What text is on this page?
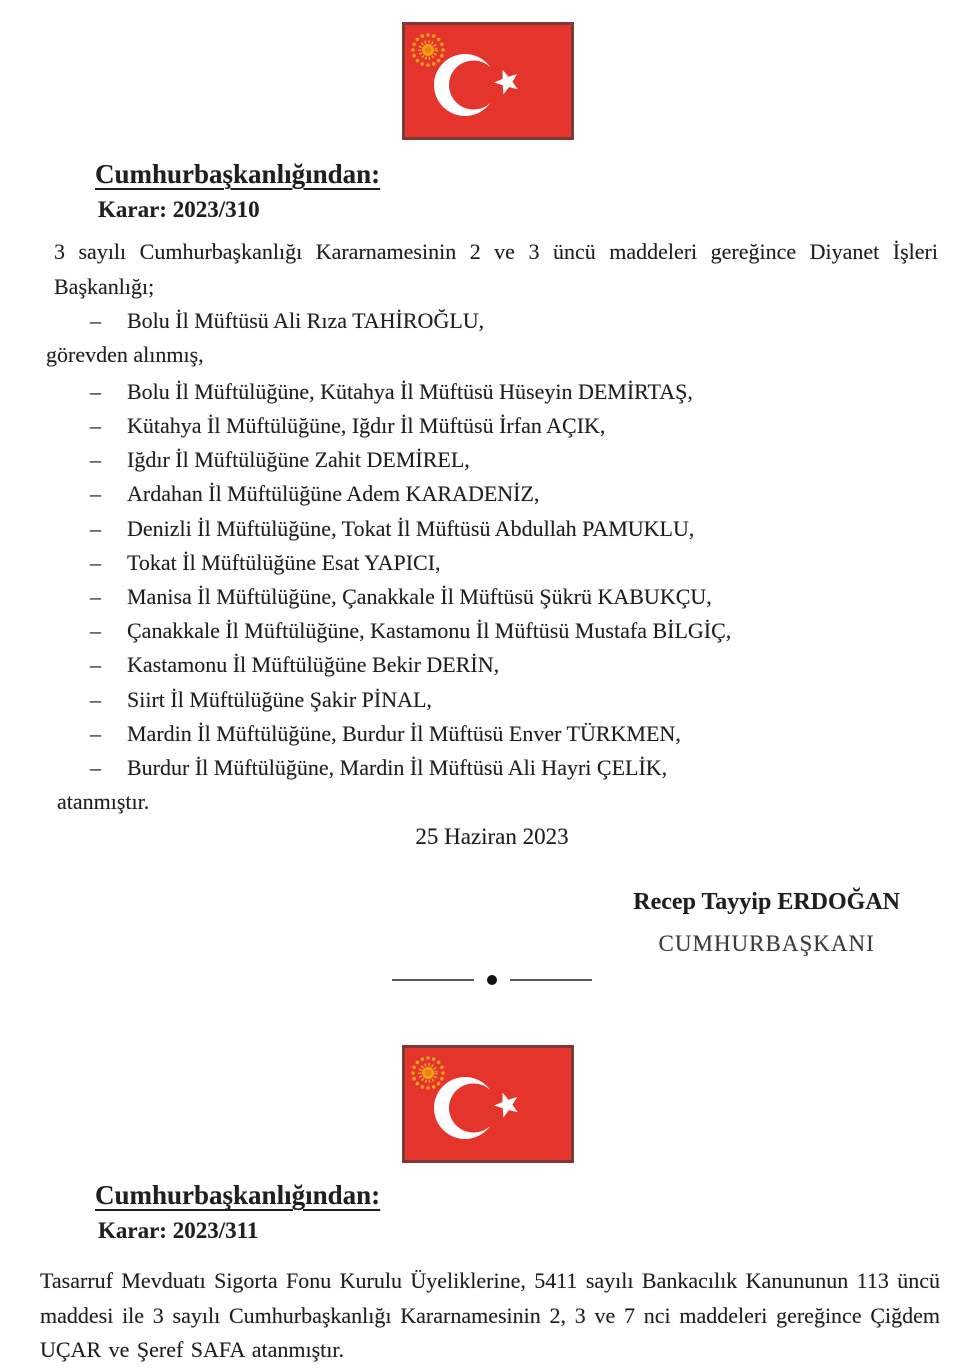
Cumhurbaşkanlığından:
Karar: 2023/310

3 sayılı Cumhurbaşkanlığı Kararnamesinin 2 ve 3 üncü maddeleri gereğince Diyanet İşleri Başkanlığı;

–	Bolu İl Müftüsü Ali Rıza TAHİROĞLU,

görevden alınmış,

–	Bolu İl Müftülüğüne, Kütahya İl Müftüsü Hüseyin DEMİRTAŞ,
–	Kütahya İl Müftülüğüne, Iğdır İl Müftüsü İrfan AÇIK,
–	Iğdır İl Müftülüğüne Zahit DEMİREL,
–	Ardahan İl Müftülüğüne Adem KARADENİZ,
–	Denizli İl Müftülüğüne, Tokat İl Müftüsü Abdullah PAMUKLU,
–	Tokat İl Müftülüğüne Esat YAPICI,
–	Manisa İl Müftülüğüne, Çanakkale İl Müftüsü Şükrü KABUKÇU,
–	Çanakkale İl Müftülüğüne, Kastamonu İl Müftüsü Mustafa BİLGİÇ,
–	Kastamonu İl Müftülüğüne Bekir DERİN,
–	Siirt İl Müftülüğüne Şakir PİNAL,
–	Mardin İl Müftülüğüne, Burdur İl Müftüsü Enver TÜRKMEN,
–	Burdur İl Müftülüğüne, Mardin İl Müftüsü Ali Hayri ÇELİK,

atanmıştır.

25 Haziran 2023

Recep Tayyip ERDOĞAN
CUMHURBAŞKANI
Cumhurbaşkanlığından:
Karar: 2023/311

Tasarruf Mevduatı Sigorta Fonu Kurulu Üyeliklerine, 5411 sayılı Bankacılık Kanununun 113 üncü maddesi ile 3 sayılı Cumhurbaşkanlığı Kararnamesinin 2, 3 ve 7 nci maddeleri gereğince Çiğdem UÇAR ve Şeref SAFA atanmıştır.
